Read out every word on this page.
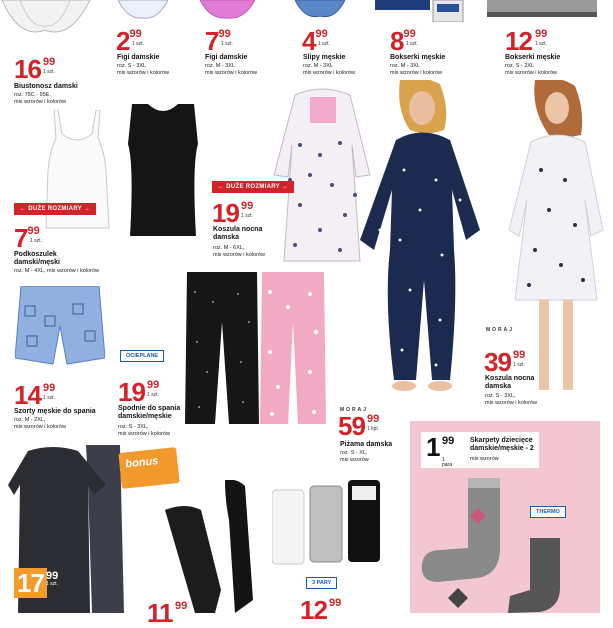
2 99
1 szt.
Figi damskie
roz. S - 3XL
mix wzorów i kolorów
7 99
1 szt.
Figi damskie
roz. M - 3XL
mix wzorów i kolorów
4 99
1 szt.
Slipy męskie
roz. M - 3XL
mix wzorów i kolorów
8 99
1 szt.
Bokserki męskie
roz. M - 3XL
mix wzorów i kolorów
12 99
1 szt.
Bokserki męskie
roz. S - 2XL
mix wzorów i kolorów
16 99
1 szt.
Biustonosz damski
roz. 75C - 95E,
mix wzorów i kolorów
← DUŻE ROZMIARY →
7 99
1 szt.
Podkoszulek damski/męski
roz. M - 4XL, mix wzorów i kolorów
← DUŻE ROZMIARY →
19 99
1 szt.
Koszula nocna damska
roz. M - 6XL,
mix wzorów i kolorów
MORAJ
39 99
1 szt.
Koszula nocna damska
roz. S - 3XL,
mix wzorów i kolorów
14 99
1 szt.
Szorty męskie do spania
roz. M - 2XL,
mix wzorów i kolorów
OCIEPLANE
19 99
1 szt.
Spodnie do spania damskie/męskie
roz. S - 3XL,
mix wzorów i kolorów
MORAJ
59 99
1 kpl.
Piżama damska
roz. S - XL,
mix wzorów 1 99
1 para
Skarpety dziecięce damskie/męskie - 2
mix wzorów
THERMO
bonus
17 99
1 szt.
11 99
3 PARY
12 99
